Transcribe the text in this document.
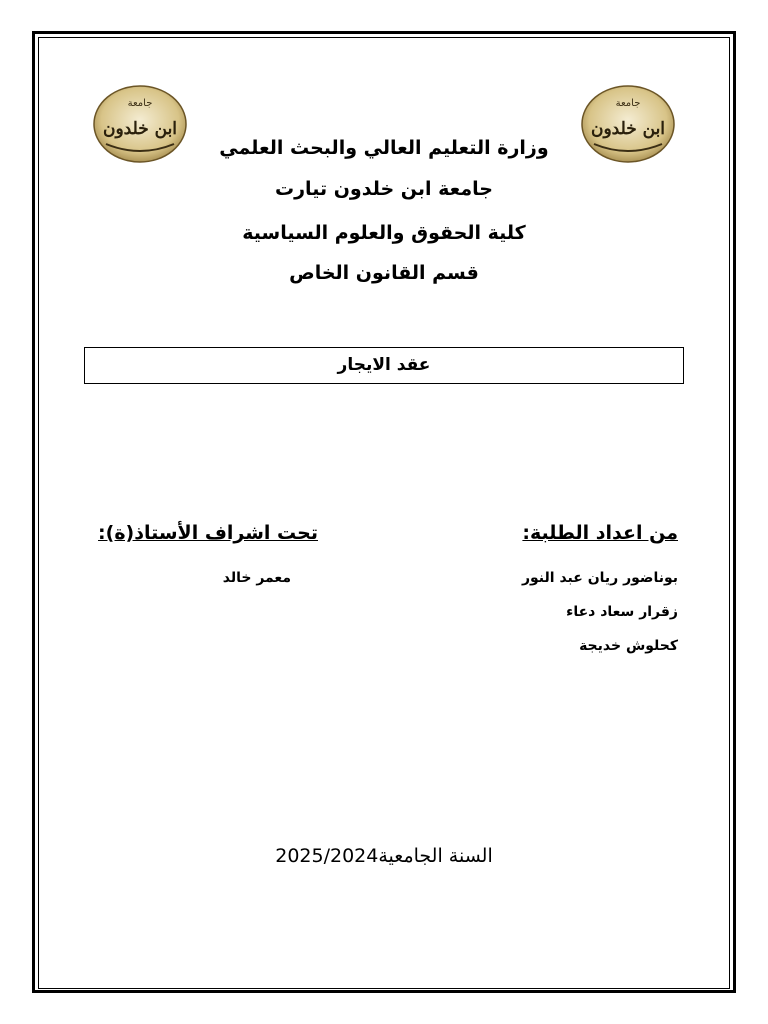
جامعة
ابن خلدون
جامعة
ابن خلدون
وزارة التعليم العالي والبحث العلمي
جامعة ابن خلدون تيارت
كلية الحقوق والعلوم السياسية
قسم القانون الخاص
عقد الايجار
من اعداد الطلبة:
تحت اشراف الأستاذ(ة):
بوناضور ريان عبد النور
زقرار سعاد دعاء
كحلوش خديجة
معمر خالد
السنة الجامعية2025/2024
